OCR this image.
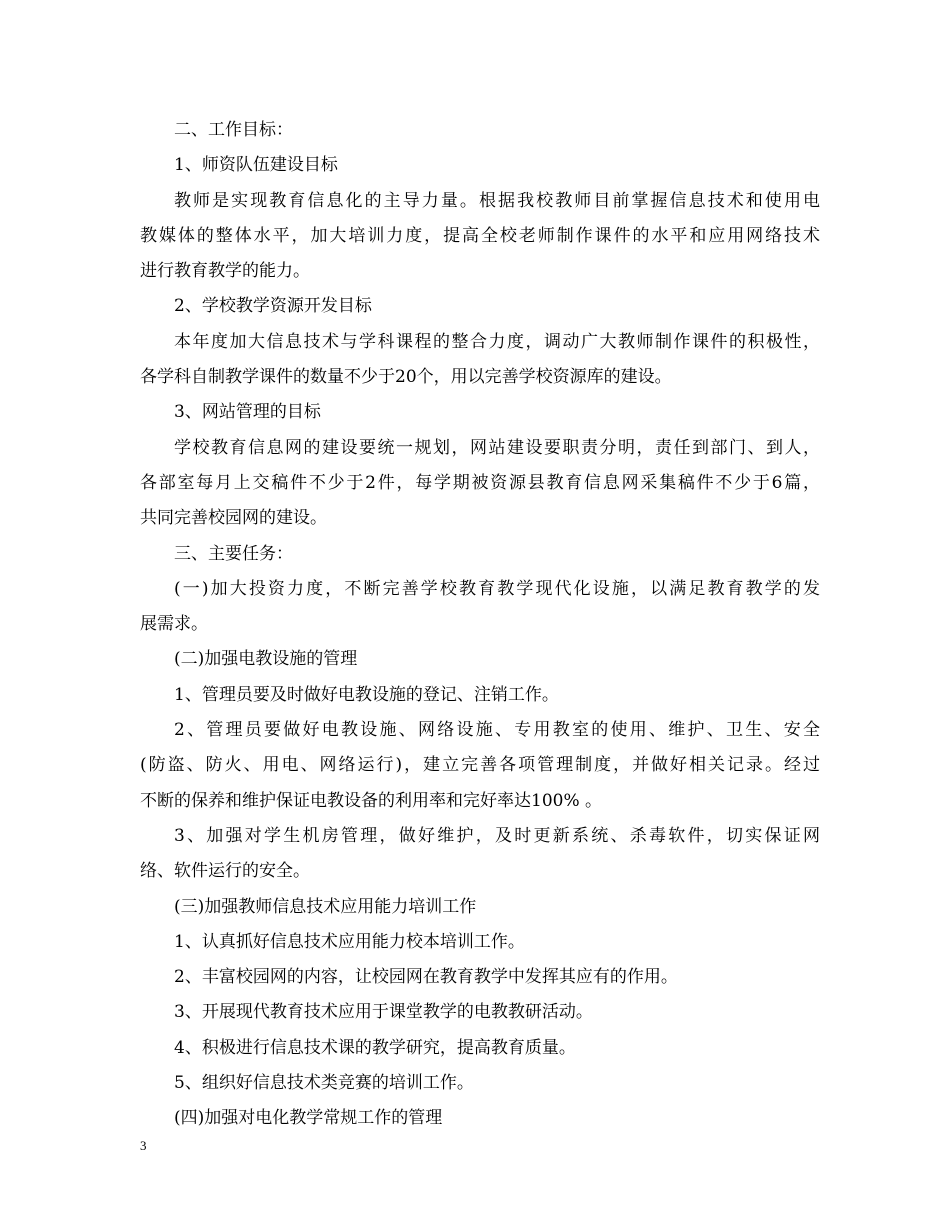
二、工作目标：
1、师资队伍建设目标
教师是实现教育信息化的主导力量。根据我校教师目前掌握信息技术和使用电
教媒体的整体水平，加大培训力度，提高全校老师制作课件的水平和应用网络技术
进行教育教学的能力。
2、学校教学资源开发目标
本年度加大信息技术与学科课程的整合力度，调动广大教师制作课件的积极性，
各学科自制教学课件的数量不少于20个，用以完善学校资源库的建设。
3、网站管理的目标
学校教育信息网的建设要统一规划，网站建设要职责分明，责任到部门、到人，
各部室每月上交稿件不少于2件，每学期被资源县教育信息网采集稿件不少于6篇，
共同完善校园网的建设。
三、主要任务：
(一)加大投资力度，不断完善学校教育教学现代化设施，以满足教育教学的发
展需求。
(二)加强电教设施的管理
1、管理员要及时做好电教设施的登记、注销工作。
2、管理员要做好电教设施、网络设施、专用教室的使用、维护、卫生、安全
(防盗、防火、用电、网络运行)，建立完善各项管理制度，并做好相关记录。经过
不断的保养和维护保证电教设备的利用率和完好率达100% 。
3、加强对学生机房管理，做好维护，及时更新系统、杀毒软件，切实保证网
络、软件运行的安全。
(三)加强教师信息技术应用能力培训工作
1、认真抓好信息技术应用能力校本培训工作。
2、丰富校园网的内容，让校园网在教育教学中发挥其应有的作用。
3、开展现代教育技术应用于课堂教学的电教教研活动。
4、积极进行信息技术课的教学研究，提高教育质量。
5、组织好信息技术类竞赛的培训工作。
(四)加强对电化教学常规工作的管理
3
